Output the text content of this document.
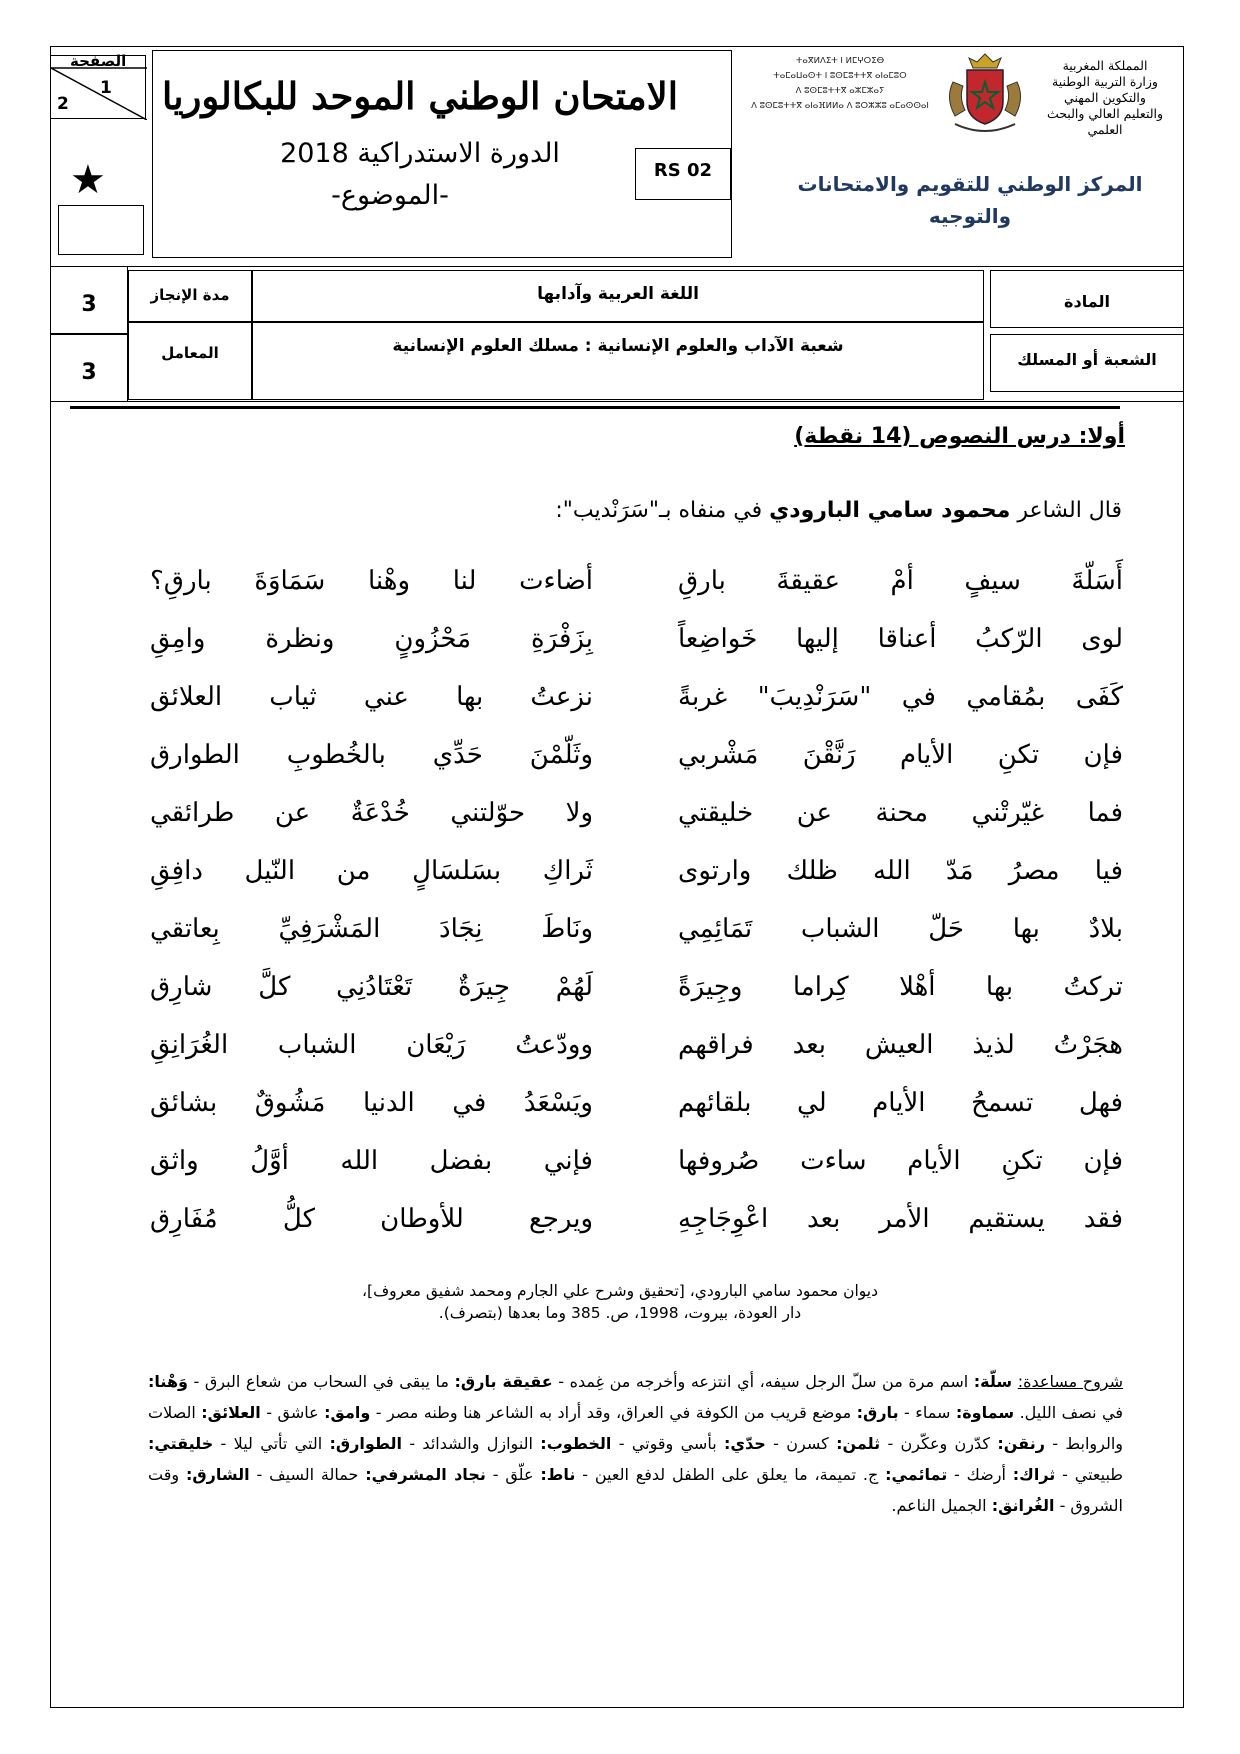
الصفحة
1
2
★
الامتحان الوطني الموحد للبكالوريا
الدورة الاستدراكية 2018
-الموضوع-
RS 02
ⵜⴰⴳⵍⴷⵉⵜ ⵏ ⵍⵎⵖⵔⵉⴱ
ⵜⴰⵎⴰⵡⴰⵙⵜ ⵏ ⵓⵙⵎⵓⵜⵜⴳ ⴰⵏⴰⵎⵓⵔ
ⴷ ⵓⵙⵎⵓⵜⵜⴳ ⴰⵣⵎⵣⴰⵢ
ⴷ ⵓⵙⵎⵓⵜⵜⴳ ⴰⵏⴰⴼⵍⵍⴰ ⴷ ⵓⵔⵣⵣⵓ ⴰⵎⴰⵙⵙⴰⵏ
المملكة المغربية
وزارة التربية الوطنية
والتكوين المهني
والتعليم العالي والبحث العلمي
المركز الوطني للتقويم والامتحانات والتوجيه
3
3
مدة الإنجاز
المعامل
اللغة العربية وآدابها
شعبة الآداب والعلوم الإنسانية : مسلك العلوم الإنسانية
المادة
الشعبة أو المسلك
أولا: درس النصوص (14 نقطة)
قال الشاعر محمود سامي البارودي في منفاه بـ"سَرَنْديب":
أَسَلّةَ سيفٍ أمْ عقيقةَ بارقِ
أضاءت لنا وهْنا سَمَاوَةَ بارقِ؟
لوى الرّكبُ أعناقا إليها خَواضِعاً
بِزَفْرَةِ مَحْزُونٍ ونظرة وامِقِ
كَفَى بمُقامي في "سَرَنْدِيبَ" غربةً
نزعتُ بها عني ثياب العلائق
فإن تكنِ الأيام رَنَّقْنَ مَشْربي
وثَلّمْنَ حَدِّي بالخُطوبِ الطوارق
فما غيّرتْني محنة عن خليقتي
ولا حوّلتني خُدْعَةٌ عن طرائقي
فيا مصرُ مَدّ الله ظلك وارتوى
ثَراكِ بسَلسَالٍ من النّيل دافِقِ
بلادٌ بها حَلّ الشباب تَمَائِمِي
ونَاطَ نِجَادَ المَشْرَفِيِّ بِعاتقي
تركتُ بها أهْلا كِراما وجِيرَةً
لَهُمْ جِيرَةٌ تَعْتَادُنِي كلَّ شارِق
هجَرْتُ لذيذ العيش بعد فراقهم
وودّعتُ رَيْعَان الشباب الغُرَانِقِ
فهل تسمحُ الأيام لي بلقائهم
ويَسْعَدُ في الدنيا مَشُوقٌ بشائق
فإن تكنِ الأيام ساءت صُروفها
فإني بفضل الله أوَّلُ واثق
فقد يستقيم الأمر بعد اعْوِجَاجِهِ
ويرجع للأوطان كلُّ مُفَارِق
ديوان محمود سامي البارودي، [تحقيق وشرح علي الجارم ومحمد شفيق معروف]،
دار العودة، بيروت، 1998، ص. 385 وما بعدها (بتصرف).
شروح مساعدة: سلّة: اسم مرة من سلّ الرجل سيفه، أي انتزعه وأخرجه من غِمده - عقيقة بارق: ما يبقى في السحاب من شعاع البرق - وَهْنا: في نصف الليل. سماوة: سماء - بارق: موضع قريب من الكوفة في العراق، وقد أراد به الشاعر هنا وطنه مصر - وامق: عاشق - العلائق: الصلات والروابط - رنقن: كدّرن وعكّرن - ثلمن: كسرن - حدّي: بأسي وقوتي - الخطوب: النوازل والشدائد - الطوارق: التي تأتي ليلا - خليقتي: طبيعتي - ثراك: أرضك - تمائمي: ج. تميمة، ما يعلق على الطفل لدفع العين - ناط: علّق - نجاد المشرفي: حمالة السيف - الشارق: وقت الشروق - الغُرانق: الجميل الناعم.
